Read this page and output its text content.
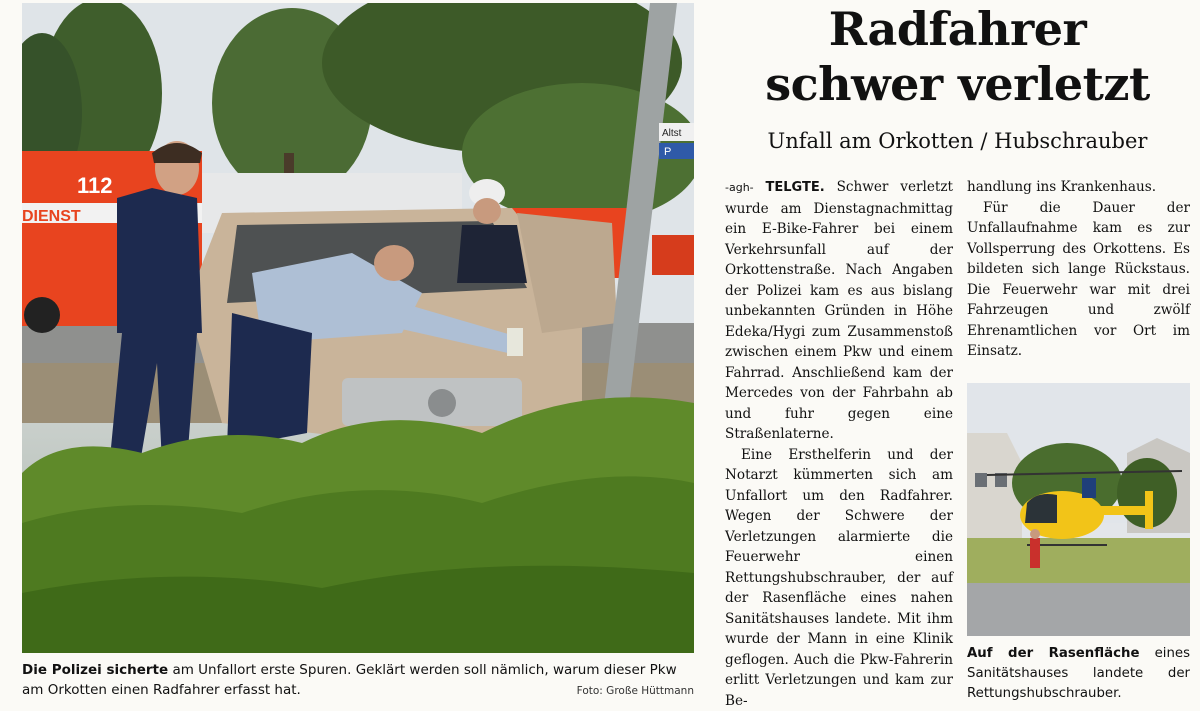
112
DIENST
Altst
P
Die Polizei sicherte am Unfallort erste Spuren. Geklärt werden soll nämlich, warum dieser Pkw am Orkotten einen Radfahrer erfasst hat.	Foto: Große Hüttmann
Radfahrer
schwer verletzt
Unfall am Orkotten / Hubschrauber

-agh- TELGTE. Schwer verletzt wurde am Dienstagnachmittag ein E-Bike-Fahrer bei einem Verkehrsunfall auf der Orkottenstraße. Nach Angaben der Polizei kam es aus bislang unbekannten Gründen in Höhe Edeka/Hygi zum Zusammenstoß zwischen einem Pkw und einem Fahrrad. Anschließend kam der Mercedes von der Fahrbahn ab und fuhr gegen eine Straßenlaterne.

Eine Ersthelferin und der Notarzt kümmerten sich am Unfallort um den Radfahrer. Wegen der Schwere der Verletzungen alarmierte die Feuerwehr einen Rettungshubschrauber, der auf der Rasenfläche eines nahen Sanitätshauses landete. Mit ihm wurde der Mann in eine Klinik geflogen. Auch die Pkw-Fahrerin erlitt Verletzungen und kam zur Be-

handlung ins Krankenhaus.

Für die Dauer der Unfallaufnahme kam es zur Vollsperrung des Orkottens. Es bildeten sich lange Rückstaus. Die Feuerwehr war mit drei Fahrzeugen und zwölf Ehrenamtlichen vor Ort im Einsatz.

Auf der Rasenfläche eines Sanitätshauses landete der Rettungshubschrauber.
